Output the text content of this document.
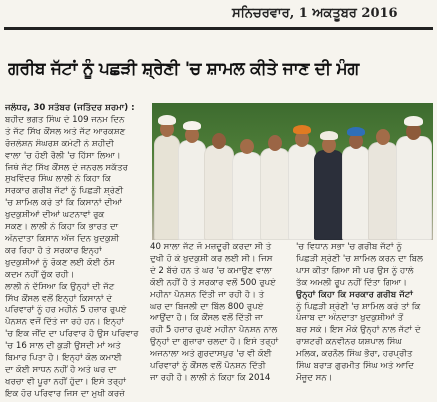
ਸਨਿਚਰਵਾਰ, 1 ਅਕਤੂਬਰ 2016
ਗਰੀਬ ਜੱਟਾਂ ਨੂੰ ਪਛੜੀ ਸ਼੍ਰੇਣੀ 'ਚ ਸ਼ਾਮਲ ਕੀਤੇ ਜਾਣ ਦੀ ਮੰਗ

ਜਲੰਧਰ, 30 ਸਤੰਬਰ (ਜਤਿੰਦਰ ਸ਼ਰਮਾ) :

ਬਹੀਦ ਭਗਤ ਸਿੰਘ ਦੇ 109 ਜਨਮ ਦਿਨ

ਤੇ ਜੱਟ ਸਿੱਖ ਕੌਂਸਲ ਅਤੇ ਜੱਟ ਆਰਕਸ਼ਣ

ਰੋਜ਼ਲੇਸ਼ਨ ਸੰਘਰਸ਼ ਕਮੇਟੀ ਨੇ ਸ਼ਹੀਦੀ

ਵਾਲਾ 'ਚ ਹੋਈ ਰੈਲੀ 'ਚ ਹਿੱਸਾ ਲਿਆ।

ਜਿਥੇ ਜੱਟ ਸਿੱਖ ਕੌਂਸਲ ਦੇ ਜਨਰਲ ਸਕੱਤਰ

ਸੁਖਵਿੰਦਰ ਸਿੰਘ ਲਾਲੀ ਨੇ ਕਿਹਾ ਕਿ

ਸਰਕਾਰ ਗਰੀਬ ਜੱਟਾਂ ਨੂੰ ਪਿਛੜੀ ਸ਼੍ਰੇਣੀ

'ਚ ਸ਼ਾਮਿਲ ਕਰੇ ਤਾਂ ਕਿ ਕਿਸਾਨਾਂ ਦੀਆਂ

ਖੁਦਕੁਸ਼ੀਆਂ ਦੀਆਂ ਘਟਨਾਵਾਂ ਰੁਕ

ਸਕਣ। ਲਾਲੀ ਨੇ ਕਿਹਾ ਕਿ ਭਾਰਤ ਦਾ

ਅੰਨਦਾਤਾ ਕਿਸਾਨ ਅੱਜ ਦਿਨ ਖੁਦਕੁਸ਼ੀ

ਕਰ ਰਿਹਾ ਹੈ ਤੇ ਸਰਕਾਰ ਇਨ੍ਹਾਂ

ਖੁਦਕੁਸ਼ੀਆਂ ਨੂੰ ਰੋਕਣ ਲਈ ਕੋਈ ਠੋਸ

ਕਦਮ ਨਹੀਂ ਚੁੱਕ ਰਹੀ।

ਲਾਲੀ ਨੇ ਦੱਸਿਆ ਕਿ ਉਨ੍ਹਾਂ ਦੀ ਜੱਟ

ਸਿੱਖ ਕੌਂਸਲ ਵਲੋਂ ਇਨ੍ਹਾਂ ਕਿਸਾਨਾਂ ਦੇ

ਪਰਿਵਾਰਾਂ ਨੂੰ ਹਰ ਮਹੀਨੇ 5 ਹਜ਼ਾਰ ਰੁਪਏ

ਪੈਨਸ਼ਨ ਵਜੋਂ ਦਿੱਤੇ ਜਾ ਰਹੇ ਹਨ। ਇਨ੍ਹਾਂ

'ਚ ਇਕ ਜੀਂਦ ਦਾ ਪਰਿਵਾਰ ਹੈ ਉਸ ਪਰਿਵਾਰ

'ਚ 16 ਸਾਲ ਦੀ ਕੁੜੀ ਉਸਦੀ ਮਾਂ ਅਤੇ

ਬਿਮਾਰ ਪਿਤਾ ਹੈ। ਇਨ੍ਹਾਂ ਕੋਲ ਕਮਾਈ

ਦਾ ਕੋਈ ਸਾਧਨ ਨਹੀਂ ਹੈ ਅਤੇ ਘਰ ਦਾ

ਖਰਚਾ ਵੀ ਪੂਰਾ ਨਹੀਂ ਹੁੰਦਾ। ਇਸੇ ਤਰ੍ਹਾਂ

ਇਕ ਹੋਰ ਪਰਿਵਾਰ ਜਿਸ ਦਾ ਮੁਖੀ ਕਰਜ਼ੇ

40 ਸਾਲਾ ਜੱਟ ਜੋ ਮਜ਼ਦੂਰੀ ਕਰਦਾ ਸੀ ਤੇ

ਦੁਖੀ ਹੋ ਕੇ ਖੁਦਕੁਸ਼ੀ ਕਰ ਲਈ ਸੀ। ਜਿਸ

ਦੇ 2 ਬੱਚੇ ਹਨ ਤੇ ਘਰ 'ਚ ਕਮਾਉਣ ਵਾਲਾ

ਕੋਈ ਨਹੀਂ ਹੈ ਤੇ ਸਰਕਾਰ ਵਲੋਂ 500 ਰੁਪਏ

ਮਹੀਨਾ ਪੈਨਸ਼ਨ ਦਿੱਤੀ ਜਾ ਰਹੀ ਹੈ। ਤੇ

ਘਰ ਦਾ ਬਿਜਲੀ ਦਾ ਬਿੱਲ 800 ਰੁਪਏ

ਆਉਂਦਾ ਹੈ। ਕਿ ਕੌਂਸਲ ਵਲੋਂ ਦਿੱਤੀ ਜਾ

ਰਹੀ 5 ਹਜ਼ਾਰ ਰੁਪਏ ਮਹੀਨਾ ਪੈਨਸ਼ਨ ਨਾਲ

ਉਨ੍ਹਾਂ ਦਾ ਗੁਜ਼ਾਰਾ ਚਲਦਾ ਹੈ। ਇਸੇ ਤਰ੍ਹਾਂ

ਅਜਨਾਲਾ ਅਤੇ ਗੁਰਦਾਸਪੁਰ 'ਚ ਵੀ ਕੋਈ

ਪਰਿਵਾਰਾਂ ਨੂੰ ਕੌਂਸਲ ਵਲੋਂ ਪੈਨਸ਼ਨ ਦਿੱਤੀ

ਜਾ ਰਹੀ ਹੈ। ਲਾਲੀ ਨੇ ਕਿਹਾ ਕਿ 2014

'ਚ ਵਿਧਾਨ ਸਭਾ 'ਚ ਗਰੀਬ ਜੱਟਾਂ ਨੂੰ

ਪਿਛੜੀ ਸ਼੍ਰੇਣੀ 'ਚ ਸ਼ਾਮਿਲ ਕਰਨ ਦਾ ਬਿਲ

ਪਾਸ ਕੀਤਾ ਗਿਆ ਸੀ ਪਰ ਉਸ ਨੂੰ ਹਾਲੇ

ਤੱਕ ਅਮਲੀ ਰੂਪ ਨਹੀਂ ਦਿੱਤਾ ਗਿਆ।

ਉਨ੍ਹਾਂ ਕਿਹਾ ਕਿ ਸਰਕਾਰ ਗਰੀਬ ਜੱਟਾਂ

ਨੂੰ ਪਿਛੜੀ ਸ਼੍ਰੇਣੀ 'ਚ ਸ਼ਾਮਿਲ ਕਰੇ ਤਾਂ ਕਿ

ਪੰਜਾਬ ਦਾ ਅੰਨਦਾਤਾ ਖੁਦਕੁਸ਼ੀਆਂ ਤੋਂ

ਬਚ ਸਕੇ। ਇਸ ਮੌਕੇ ਉਨ੍ਹਾਂ ਨਾਲ ਜੱਟਾਂ ਦੇ

ਰਾਸ਼ਟਰੀ ਕਨਵੀਨਰ ਯਸ਼ਪਾਲ ਸਿੰਘ

ਮਲਿਕ, ਕਰਨੈਲ ਸਿੰਘ ਭੈਰਾ, ਹਰਪ੍ਰੀਤ

ਸਿੰਘ ਬਰਾੜ ਗੁਰਮੀਤ ਸਿੰਘ ਅਤੇ ਆਦਿ

ਮੌਜੂਦ ਸਨ।
